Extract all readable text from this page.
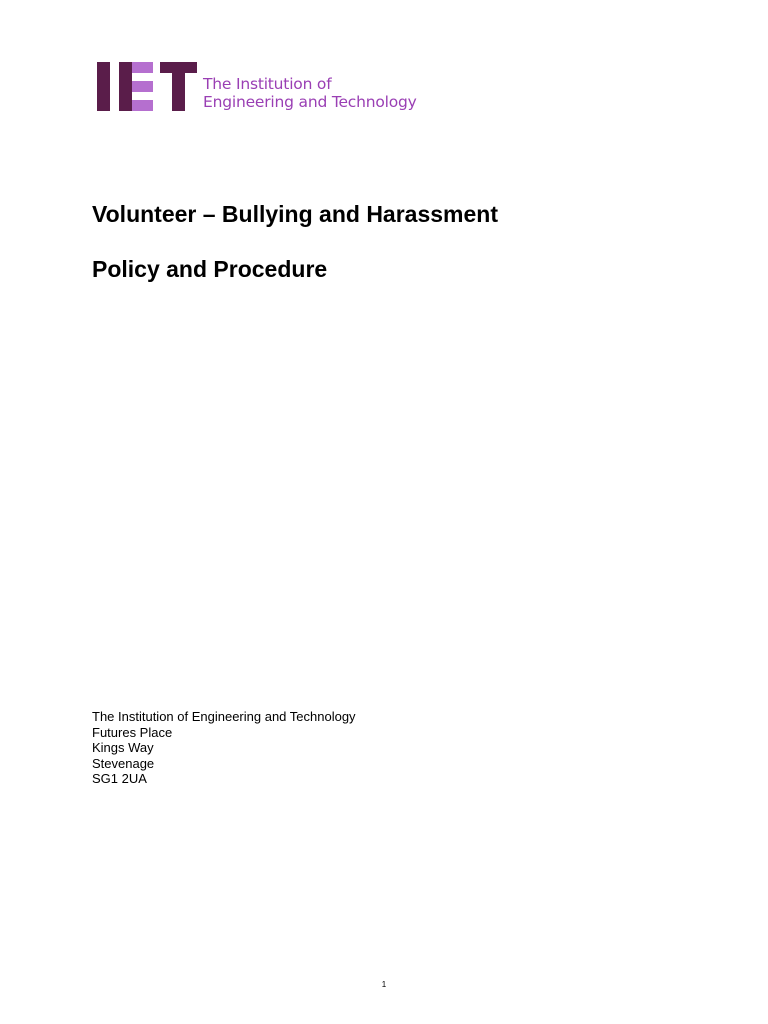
The Institution of
Engineering and Technology
Volunteer – Bullying and Harassment
Policy and Procedure
The Institution of Engineering and Technology
Futures Place
Kings Way
Stevenage
SG1 2UA
1
